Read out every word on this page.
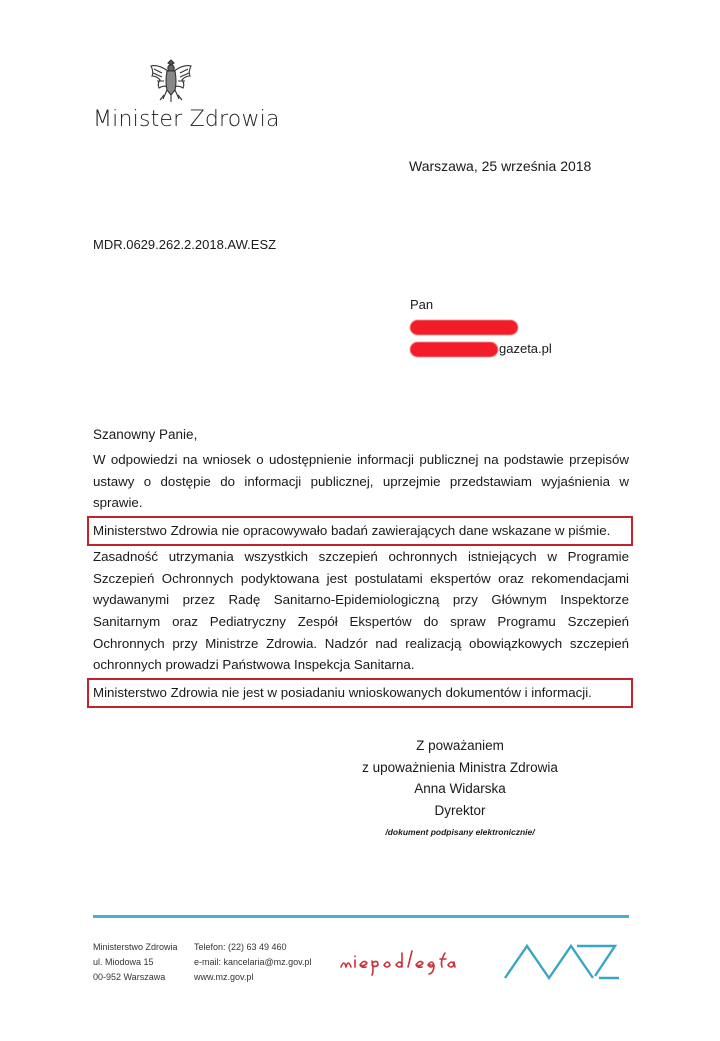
Minister Zdrowia
Warszawa, 25 września 2018
MDR.0629.262.2.2018.AW.ESZ
Pan
gazeta.pl
Szanowny Panie,

W odpowiedzi na wniosek o udostępnienie informacji publicznej na podstawie przepisów ustawy o dostępie do informacji publicznej, uprzejmie przedstawiam wyjaśnienia w sprawie.

Ministerstwo Zdrowia nie opracowywało badań zawierających dane wskazane w piśmie.

Zasadność utrzymania wszystkich szczepień ochronnych istniejących w Programie Szczepień Ochronnych podyktowana jest postulatami ekspertów oraz rekomendacjami wydawanymi przez Radę Sanitarno-Epidemiologiczną przy Głównym Inspektorze Sanitarnym oraz Pediatryczny Zespół Ekspertów do spraw Programu Szczepień Ochronnych przy Ministrze Zdrowia. Nadzór nad realizacją obowiązkowych szczepień ochronnych prowadzi Państwowa Inspekcja Sanitarna.

Ministerstwo Zdrowia nie jest w posiadaniu wnioskowanych dokumentów i informacji.

Z poważaniem
z upoważnienia Ministra Zdrowia
Anna Widarska
Dyrektor
/dokument podpisany elektronicznie/
Ministerstwo Zdrowia
ul. Miodowa 15
00-952 Warszawa
Telefon: (22) 63 49 460
e-mail: kancelaria@mz.gov.pl
www.mz.gov.pl
